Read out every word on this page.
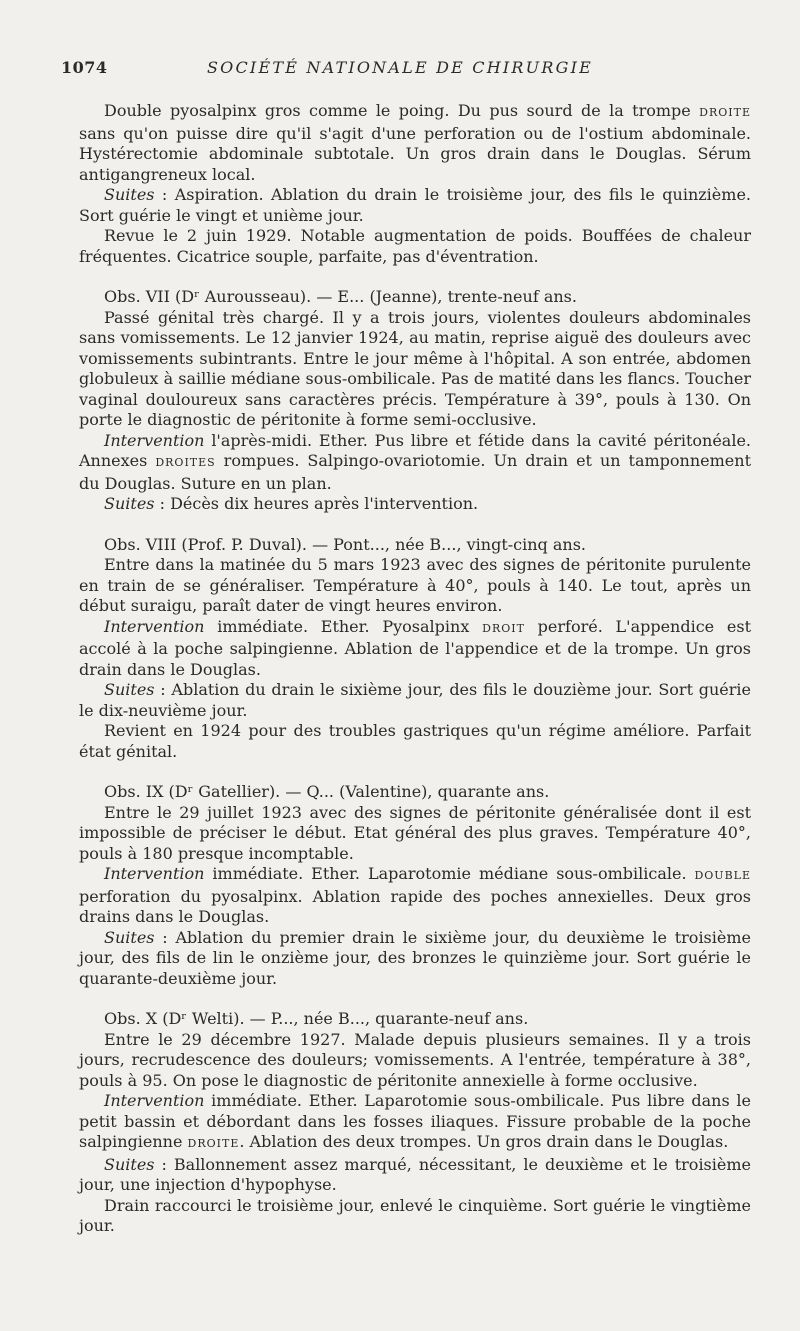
1074	SOCIÉTÉ NATIONALE DE CHIRURGIE

Double pyosalpinx gros comme le poing. Du pus sourd de la trompe DROITE sans qu'on puisse dire qu'il s'agit d'une perforation ou de l'ostium abdominale. Hystérectomie abdominale subtotale. Un gros drain dans le Douglas. Sérum antigangreneux local.

Suites : Aspiration. Ablation du drain le troisième jour, des fils le quinzième. Sort guérie le vingt et unième jour.

Revue le 2 juin 1929. Notable augmentation de poids. Bouffées de chaleur fréquentes. Cicatrice souple, parfaite, pas d'éventration.

Obs. VII (Dʳ Aurousseau). — E... (Jeanne), trente-neuf ans.

Passé génital très chargé. Il y a trois jours, violentes douleurs abdominales sans vomissements. Le 12 janvier 1924, au matin, reprise aiguë des douleurs avec vomissements subintrants. Entre le jour même à l'hôpital. A son entrée, abdomen globuleux à saillie médiane sous-ombilicale. Pas de matité dans les flancs. Toucher vaginal douloureux sans caractères précis. Température à 39°, pouls à 130. On porte le diagnostic de péritonite à forme semi-occlusive.

Intervention l'après-midi. Ether. Pus libre et fétide dans la cavité péritonéale. Annexes DROITES rompues. Salpingo-ovariotomie. Un drain et un tamponnement du Douglas. Suture en un plan.

Suites : Décès dix heures après l'intervention.

Obs. VIII (Prof. P. Duval). — Pont..., née B..., vingt-cinq ans.

Entre dans la matinée du 5 mars 1923 avec des signes de péritonite purulente en train de se généraliser. Température à 40°, pouls à 140. Le tout, après un début suraigu, paraît dater de vingt heures environ.

Intervention immédiate. Ether. Pyosalpinx DROIT perforé. L'appendice est accolé à la poche salpingienne. Ablation de l'appendice et de la trompe. Un gros drain dans le Douglas.

Suites : Ablation du drain le sixième jour, des fils le douzième jour. Sort guérie le dix-neuvième jour.

Revient en 1924 pour des troubles gastriques qu'un régime améliore. Parfait état génital.

Obs. IX (Dʳ Gatellier). — Q... (Valentine), quarante ans.

Entre le 29 juillet 1923 avec des signes de péritonite généralisée dont il est impossible de préciser le début. Etat général des plus graves. Température 40°, pouls à 180 presque incomptable.

Intervention immédiate. Ether. Laparotomie médiane sous-ombilicale. DOUBLE perforation du pyosalpinx. Ablation rapide des poches annexielles. Deux gros drains dans le Douglas.

Suites : Ablation du premier drain le sixième jour, du deuxième le troisième jour, des fils de lin le onzième jour, des bronzes le quinzième jour. Sort guérie le quarante-deuxième jour.

Obs. X (Dʳ Welti). — P..., née B..., quarante-neuf ans.

Entre le 29 décembre 1927. Malade depuis plusieurs semaines. Il y a trois jours, recrudescence des douleurs; vomissements. A l'entrée, température à 38°, pouls à 95. On pose le diagnostic de péritonite annexielle à forme occlusive.

Intervention immédiate. Ether. Laparotomie sous-ombilicale. Pus libre dans le petit bassin et débordant dans les fosses iliaques. Fissure probable de la poche salpingienne DROITE. Ablation des deux trompes. Un gros drain dans le Douglas.

Suites : Ballonnement assez marqué, nécessitant, le deuxième et le troisième jour, une injection d'hypophyse.

Drain raccourci le troisième jour, enlevé le cinquième. Sort guérie le vingtième jour.
